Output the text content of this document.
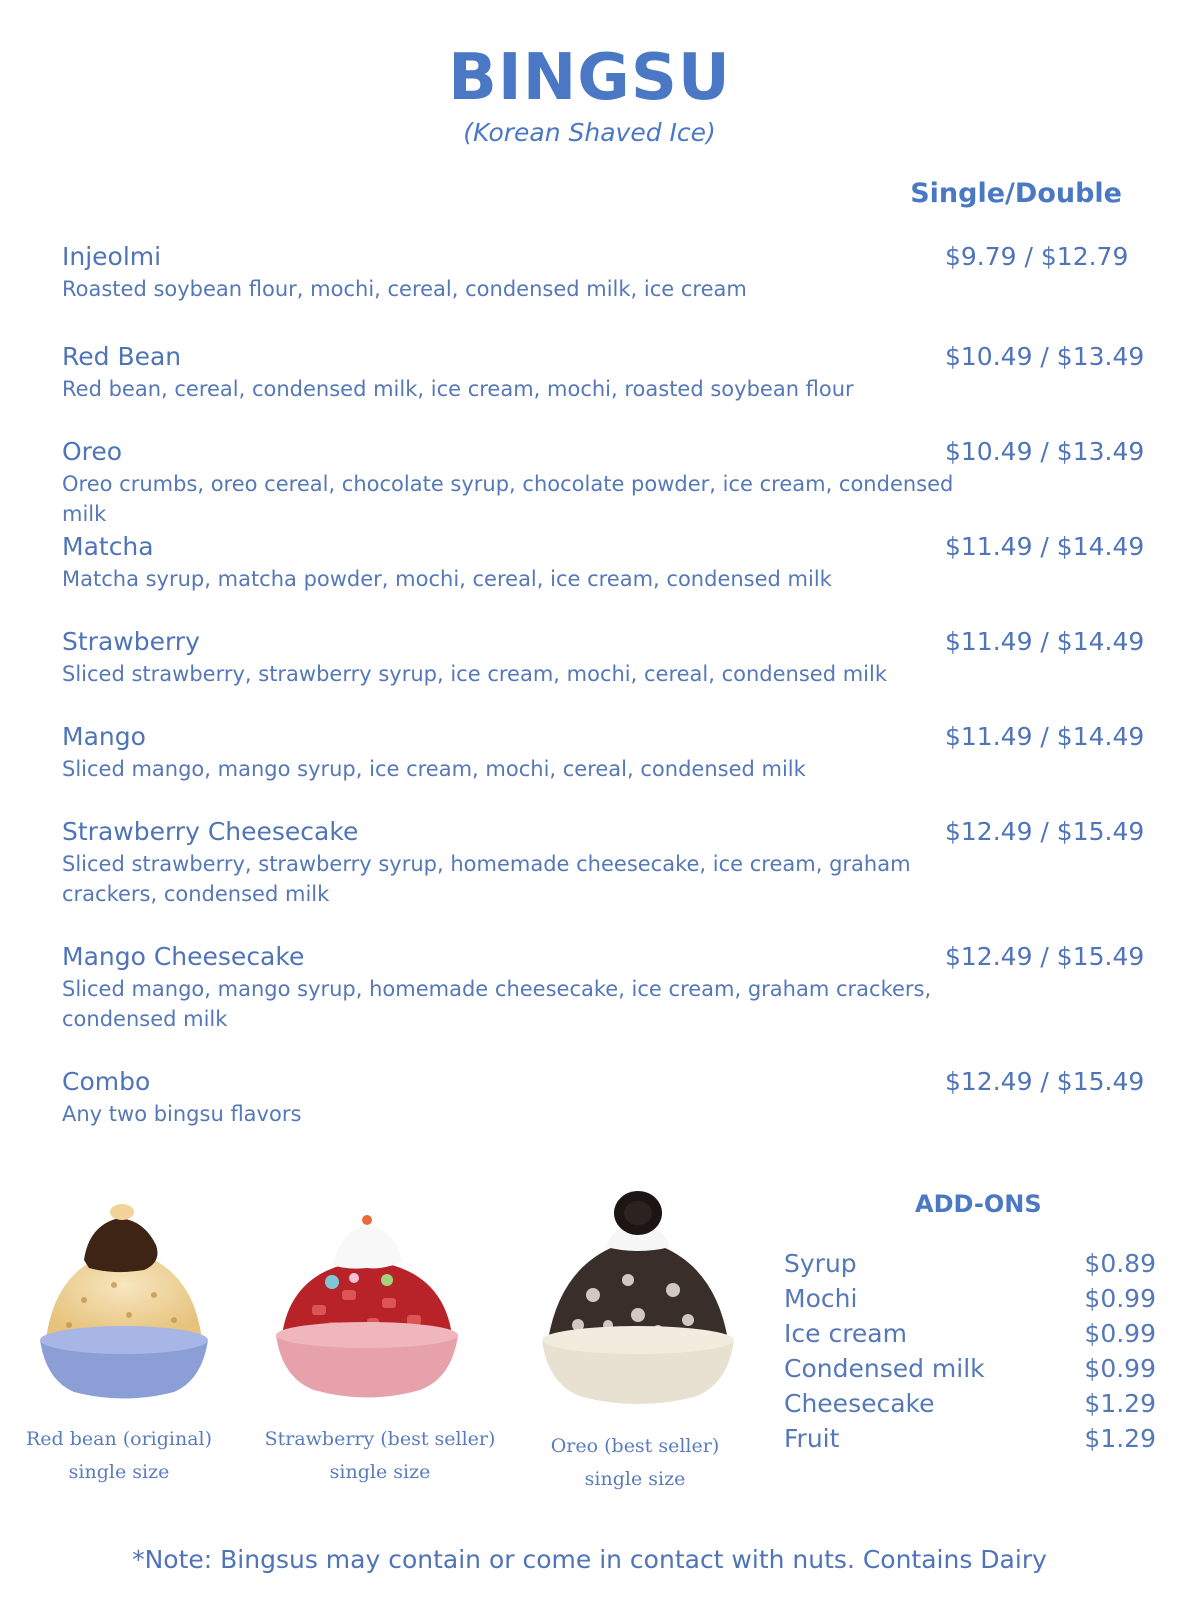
BINGSU
(Korean Shaved Ice)
Single/Double
Injeolmi	$9.79 / $12.79
Roasted soybean flour, mochi, cereal, condensed milk, ice cream
Red Bean	$10.49 / $13.49
Red bean, cereal, condensed milk, ice cream, mochi, roasted soybean flour
Oreo	$10.49 / $13.49
Oreo crumbs, oreo cereal, chocolate syrup, chocolate powder, ice cream, condensed milk
Matcha	$11.49 / $14.49
Matcha syrup, matcha powder, mochi, cereal, ice cream, condensed milk
Strawberry	$11.49 / $14.49
Sliced strawberry, strawberry syrup, ice cream, mochi, cereal, condensed milk
Mango	$11.49 / $14.49
Sliced mango, mango syrup, ice cream, mochi, cereal, condensed milk
Strawberry Cheesecake	$12.49 / $15.49
Sliced strawberry, strawberry syrup, homemade cheesecake, ice cream, graham crackers, condensed milk
Mango Cheesecake	$12.49 / $15.49
Sliced mango, mango syrup, homemade cheesecake, ice cream, graham crackers, condensed milk
Combo	$12.49 / $15.49
Any two bingsu flavors
Red bean (original)
single size
Strawberry (best seller)
single size
Oreo (best seller)
single size
ADD-ONS
Syrup	$0.89
Mochi	$0.99
Ice cream	$0.99
Condensed milk	$0.99
Cheesecake	$1.29
Fruit	$1.29
*Note: Bingsus may contain or come in contact with nuts. Contains Dairy
